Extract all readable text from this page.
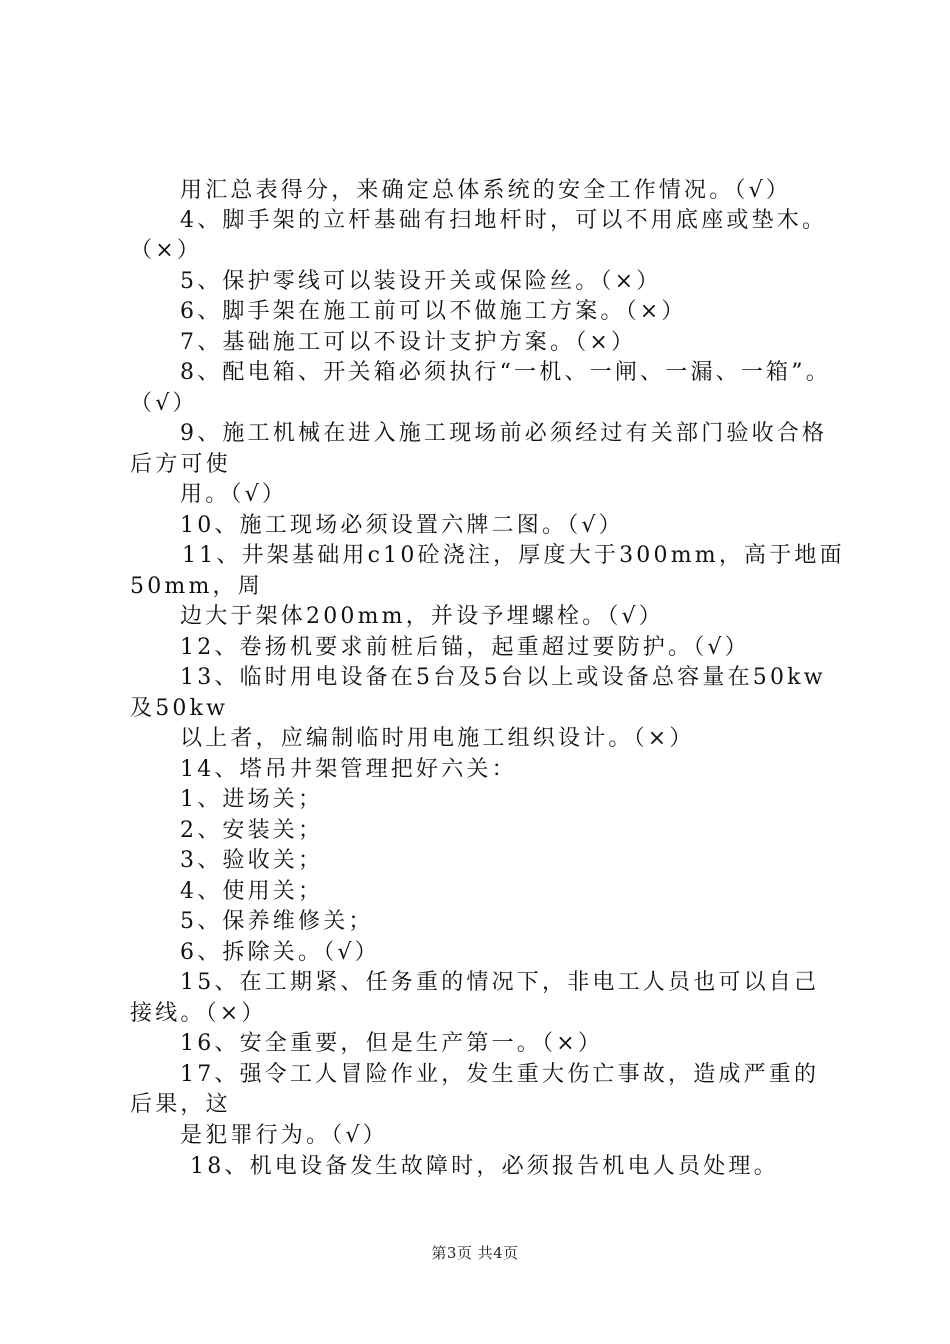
用汇总表得分，来确定总体系统的安全工作情况。（√）
4、脚手架的立杆基础有扫地杆时，可以不用底座或垫木。
（×）
5、保护零线可以装设开关或保险丝。（×）
6、脚手架在施工前可以不做施工方案。（×）
7、基础施工可以不设计支护方案。（×）
8、配电箱、开关箱必须执行“一机、一闸、一漏、一箱”。
（√）
9、施工机械在进入施工现场前必须经过有关部门验收合格
后方可使
用。（√）
10、施工现场必须设置六牌二图。（√）
11、井架基础用c10砼浇注，厚度大于300mm，高于地面
50mm，周
边大于架体200mm，并设予埋螺栓。（√）
12、卷扬机要求前桩后锚，起重超过要防护。（√）
13、临时用电设备在5台及5台以上或设备总容量在50kw
及50kw
以上者，应编制临时用电施工组织设计。（×）
14、塔吊井架管理把好六关：
1、进场关；
2、安装关；
3、验收关；
4、使用关；
5、保养维修关；
6、拆除关。（√）
15、在工期紧、任务重的情况下，非电工人员也可以自己
接线。（×）
16、安全重要，但是生产第一。（×）
17、强令工人冒险作业，发生重大伤亡事故，造成严重的
后果，这
是犯罪行为。（√）
18、机电设备发生故障时，必须报告机电人员处理。
第3页 共4页
